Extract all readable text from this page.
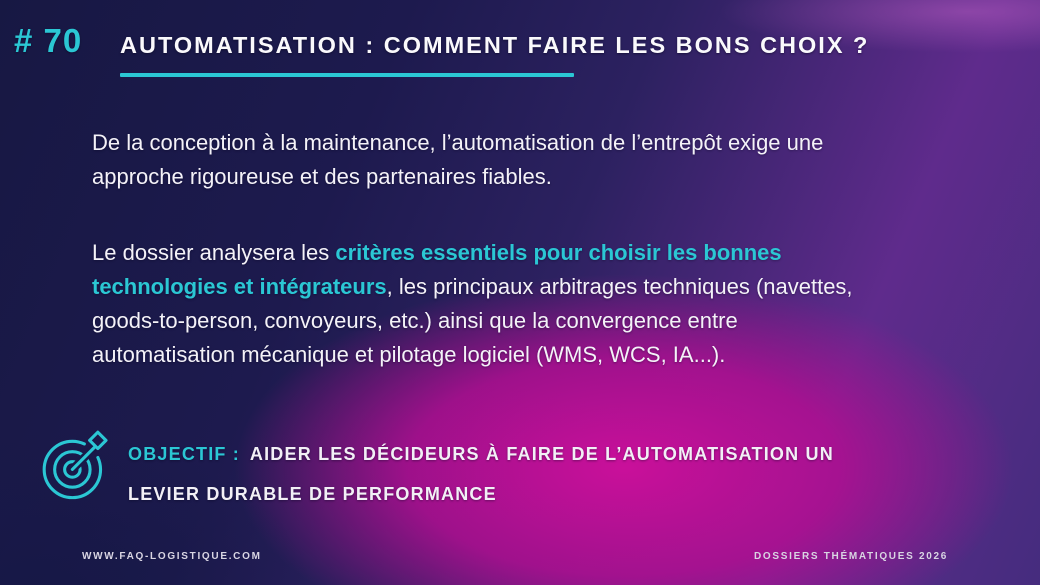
# 70 AUTOMATISATION : COMMENT FAIRE LES BONS CHOIX ?
De la conception à la maintenance, l’automatisation de l’entrepôt exige une
approche rigoureuse et des partenaires fiables.
Le dossier analysera les critères essentiels pour choisir les bonnes
technologies et intégrateurs, les principaux arbitrages techniques (navettes,
goods-to-person, convoyeurs, etc.) ainsi que la convergence entre
automatisation mécanique et pilotage logiciel (WMS, WCS, IA...).
OBJECTIF : AIDER LES DÉCIDEURS À FAIRE DE L’AUTOMATISATION UN
LEVIER DURABLE DE PERFORMANCE
WWW.FAQ-LOGISTIQUE.COM	DOSSIERS THÉMATIQUES 2026
